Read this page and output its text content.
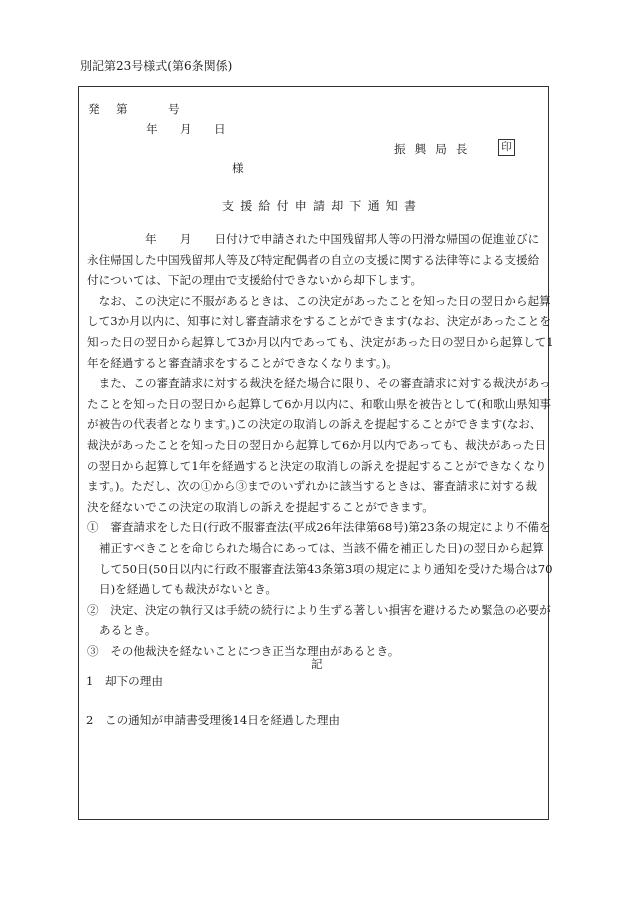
別記第23号様式(第6条関係)
発 第	号
年 月 日
振興局長	印
様
支援給付申請却下通知書

　　　　　年　　月　　日付けで申請された中国残留邦人等の円滑な帰国の促進並びに

永住帰国した中国残留邦人等及び特定配偶者の自立の支援に関する法律等による支援給

付については、下記の理由で支援給付できないから却下します。

　なお、この決定に不服があるときは、この決定があったことを知った日の翌日から起算

して3か月以内に、知事に対し審査請求をすることができます(なお、決定があったことを

知った日の翌日から起算して3か月以内であっても、決定があった日の翌日から起算して1

年を経過すると審査請求をすることができなくなります。)。

　また、この審査請求に対する裁決を経た場合に限り、その審査請求に対する裁決があっ

たことを知った日の翌日から起算して6か月以内に、和歌山県を被告として(和歌山県知事

が被告の代表者となります。)この決定の取消しの訴えを提起することができます(なお、

裁決があったことを知った日の翌日から起算して6か月以内であっても、裁決があった日

の翌日から起算して1年を経過すると決定の取消しの訴えを提起することができなくなり

ます。)。ただし、次の①から③までのいずれかに該当するときは、審査請求に対する裁

決を経ないでこの決定の取消しの訴えを提起することができます。

①　審査請求をした日(行政不服審査法(平成26年法律第68号)第23条の規定により不備を

補正すべきことを命じられた場合にあっては、当該不備を補正した日)の翌日から起算

して50日(50日以内に行政不服審査法第43条第3項の規定により通知を受けた場合は70

日)を経過しても裁決がないとき。

②　決定、決定の執行又は手続の続行により生ずる著しい損害を避けるため緊急の必要が

あるとき。

③　その他裁決を経ないことにつき正当な理由があるとき。

記
1　却下の理由
2　この通知が申請書受理後14日を経過した理由
